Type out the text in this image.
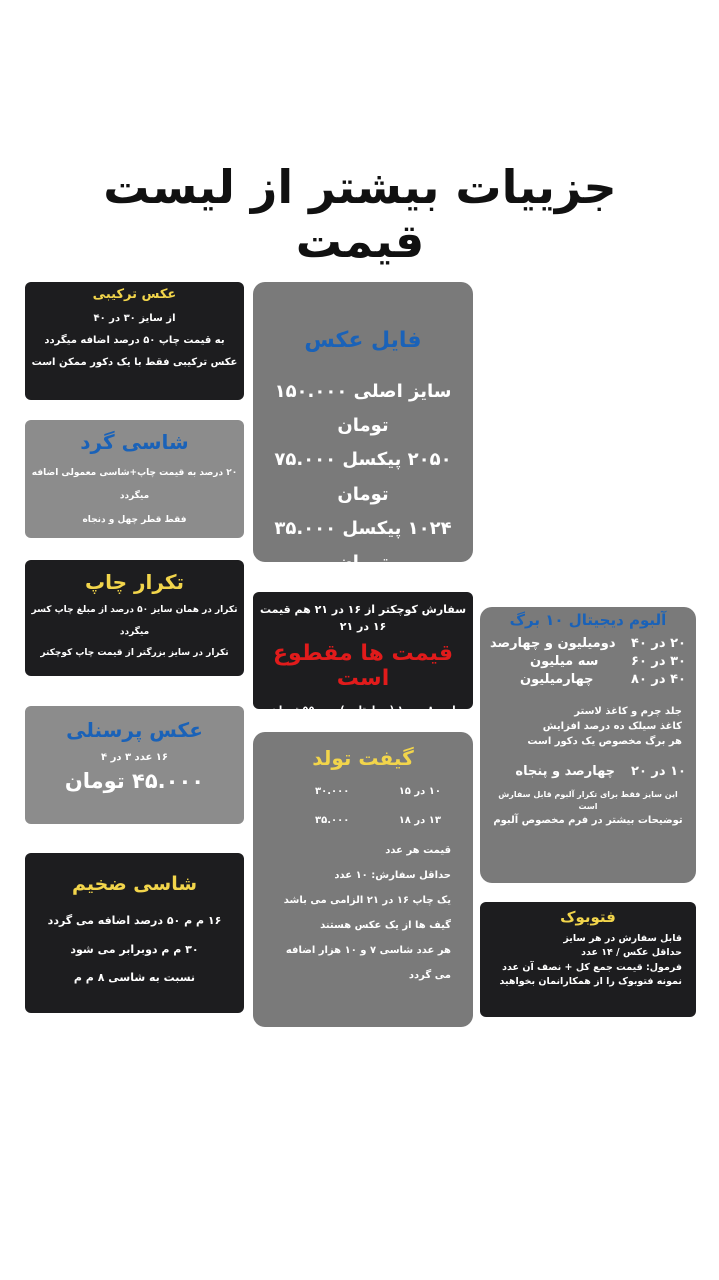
جزییات بیشتر از لیست قیمت
عکس ترکیبی
از سایز ۳۰ در ۴۰
به قیمت چاپ ۵۰ درصد اضافه میگردد
عکس ترکیبی فقط با یک دکور ممکن است
شاسی گرد
۲۰ درصد به قیمت چاپ+شاسی معمولی اضافه میگردد
فقط قطر چهل و دنجاه
تکرار چاپ
تکرار در همان سایز ۵۰ درصد از مبلغ چاپ کسر میگردد
تکرار در سایز بزرگتر از قیمت چاپ کوچکتر
عکس پرسنلی
۱۶ عدد ۳ در ۴
۴۵.۰۰۰ تومان
شاسی ضخیم
۱۶ م م ۵۰ درصد اضافه می گردد
۳۰ م م دوبرابر می شود
نسبت به شاسی ۸ م م
فایل عکس
سایز اصلی ۱۵۰.۰۰۰ تومان
۲۰۵۰ پیکسل ۷۵.۰۰۰ تومان
۱۰۲۴ پیکسل ۳۵.۰۰۰ تومان
سفارش کوچکتر از ۱۶ در ۲۱ هم قیمت ۱۶ در ۲۱
قیمت ها مقطوع است
لیت ۸ در ۱۰ (چهارتایی) ۵۵.۰۰۰ تومان
گیفت تولد
۱۰ در ۱۵
۳۰.۰۰۰
۱۳ در ۱۸
۳۵.۰۰۰
قیمت هر عدد
حداقل سفارش: ۱۰ عدد
یک چاپ ۱۶ در ۲۱ الزامی می باشد
گیف ها از یک عکس هستند
هر عدد شاسی ۷ و ۱۰ هزار اضافه می گردد
آلبوم دیجیتال ۱۰ برگ
۲۰ در ۴۰
دومیلیون و چهارصد
۳۰ در ۶۰
سه میلیون
۴۰ در ۸۰
چهارمیلیون
جلد چرم و کاغذ لاستر
کاغذ سیلک ده درصد افزایش
هر برگ مخصوص یک دکور است
۱۰ در ۲۰
چهارصد و پنجاه
این سایز فقط برای تکرار آلبوم قابل سفارش است
توضیحات بیشتر در فرم مخصوص آلبوم
فتوبوک
قابل سفارش در هر سایز
حداقل عکس / ۱۴ عدد
فرمول: قیمت جمع کل + نصف آن عدد
نمونه فتوبوک را از همکارانمان بخواهید
